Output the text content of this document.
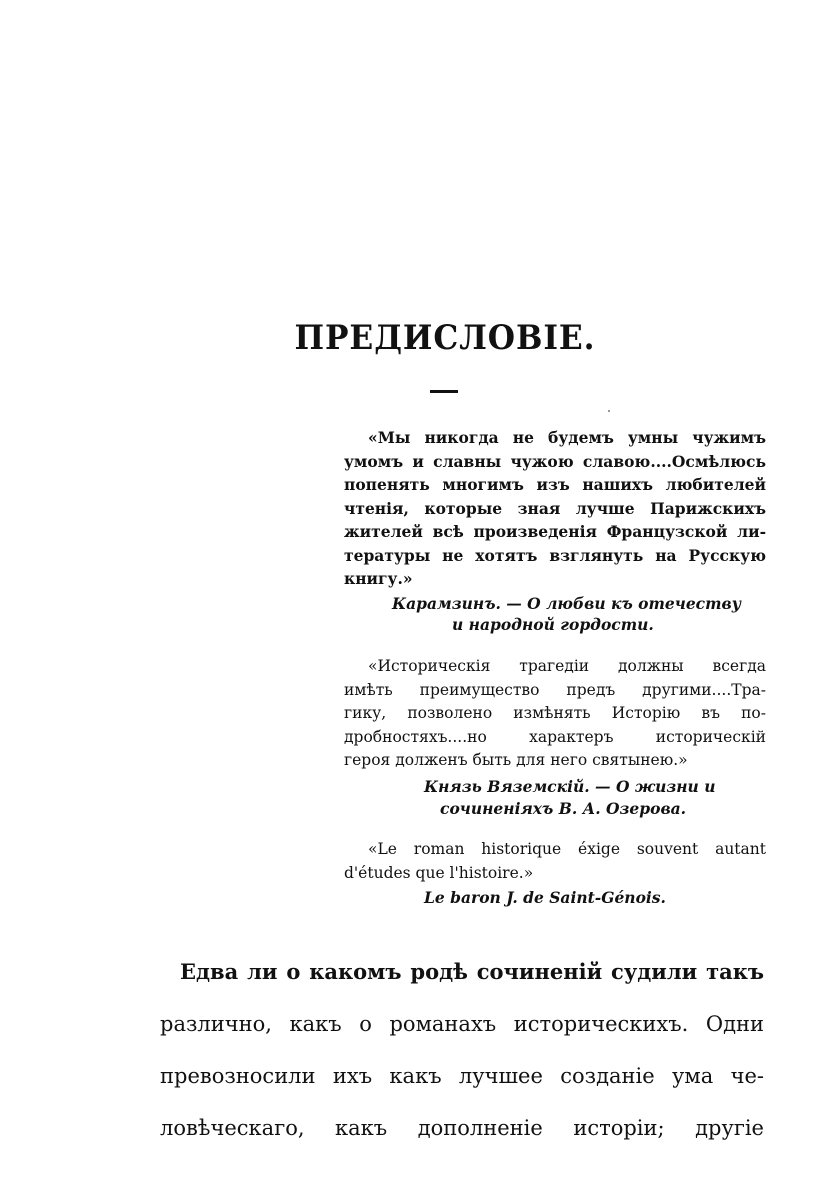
ПРЕДИСЛОВІЕ.
«Мы никогда не будемъ умны чужимъ
умомъ и славны чужою славою....Осмѣлюсь
попенять многимъ изъ нашихъ любителей
чтенія, которые зная лучше Парижскихъ
жителей всѣ произведенія Французской ли-
тературы не хотятъ взглянуть на Русскую
книгу.»
Карамзинъ. — О любви къ отечеству
и народной гордости.
«Историческія трагедіи должны всегда
имѣть преимущество предъ другими....Тра-
гику, позволено измѣнять Исторію въ по-
дробностяхъ....но характеръ историческій
героя долженъ быть для него святынею.»
Князь Вяземскій. — О жизни и
сочиненіяхъ В. А. Озерова.
«Le roman historique éxige souvent autant
d'études que l'histoire.»
Le baron J. de Saint-Génois.
Едва ли о какомъ родѣ сочиненій судили такъ
различно, какъ о романахъ историческихъ. Одни
превозносили ихъ какъ лучшее созданіе ума че-
ловѣческаго, какъ дополненіе исторіи; другіе
